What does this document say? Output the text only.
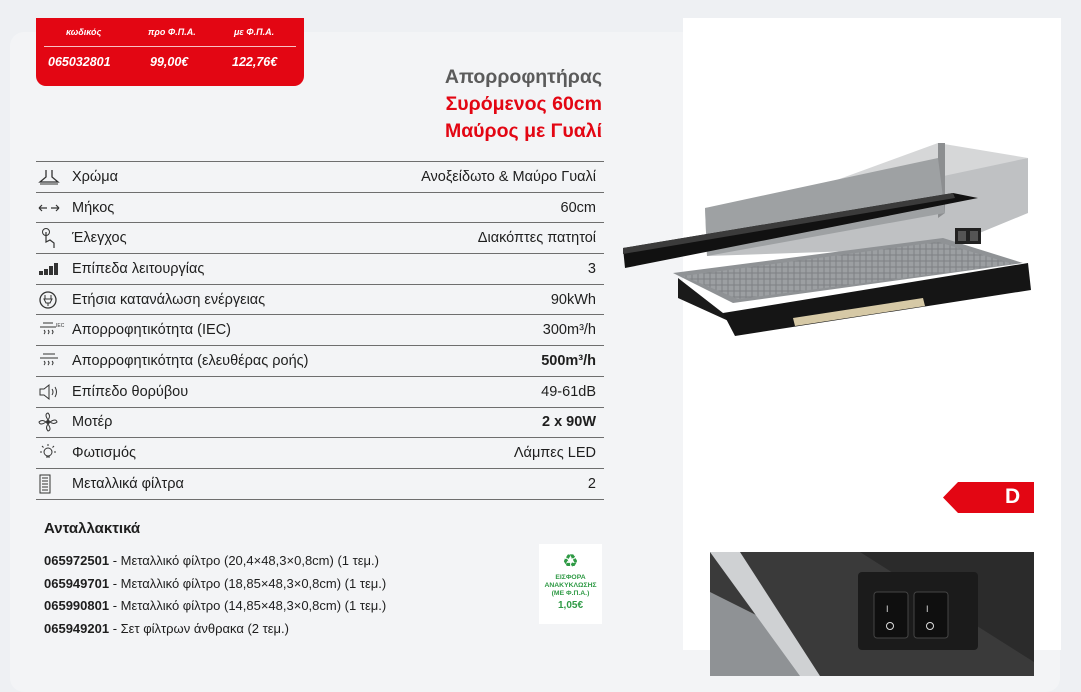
κωδικός	προ Φ.Π.Α.	με Φ.Π.Α.
065032801	99,00€	122,76€
Απορροφητήρας
Συρόμενος 60cm
Μαύρος με Γυαλί
Χρώμα	Ανοξείδωτο & Μαύρο Γυαλί
Μήκος	60cm
Έλεγχος	Διακόπτες πατητοί
Επίπεδα λειτουργίας	3
Ετήσια κατανάλωση ενέργειας	90kWh
IEC Απορροφητικότητα (IEC)	300m³/h
Απορροφητικότητα (ελευθέρας ροής)	500m³/h
Επίπεδο θορύβου	49-61dB
Μοτέρ	2 x 90W
Φωτισμός	Λάμπες LED
Μεταλλικά φίλτρα	2
Ανταλλακτικά
065972501 - Μεταλλικό φίλτρο (20,4×48,3×0,8cm) (1 τεμ.)
065949701 - Μεταλλικό φίλτρο (18,85×48,3×0,8cm) (1 τεμ.)
065990801 - Μεταλλικό φίλτρο (14,85×48,3×0,8cm) (1 τεμ.)
065949201 - Σετ φίλτρων άνθρακα (2 τεμ.)
♻
ΕΙΣΦΟΡΑ
ΑΝΑΚΥΚΛΩΣΗΣ
(ΜΕ Φ.Π.Α.)
1,05€
D
I	I
